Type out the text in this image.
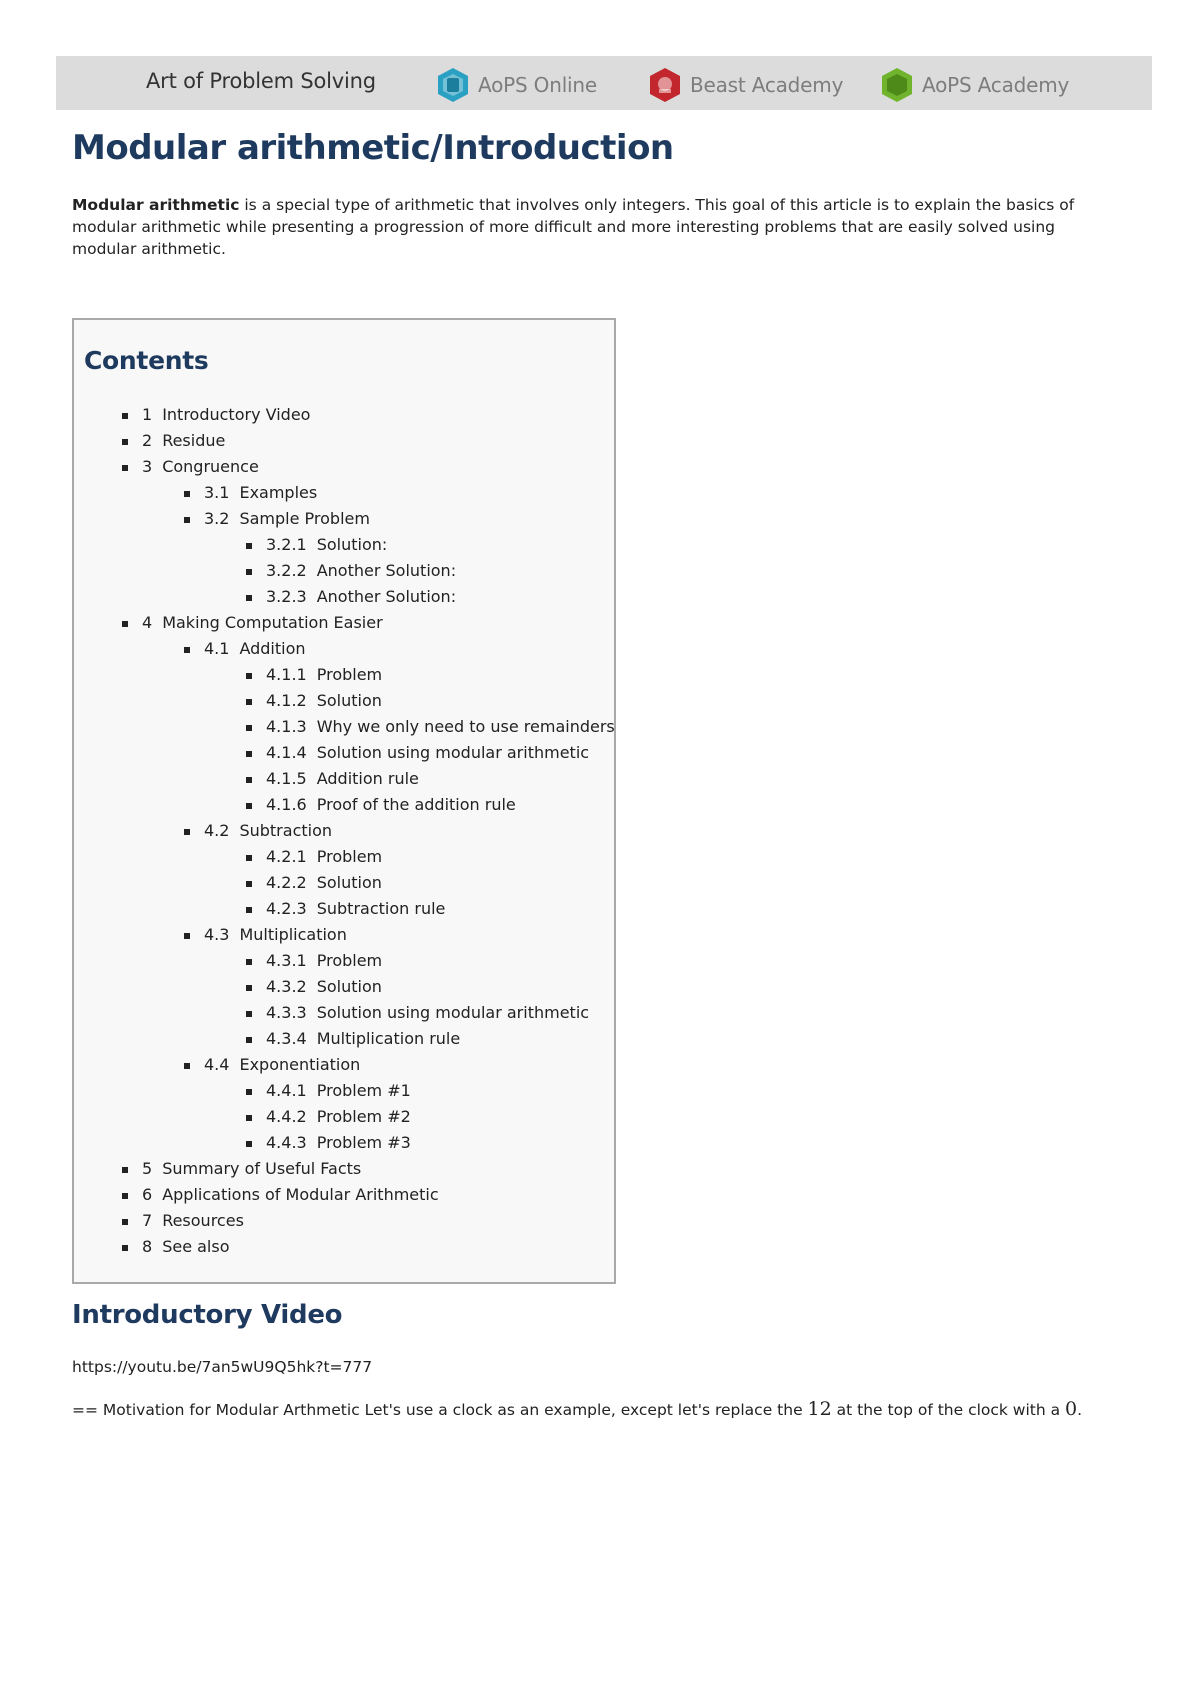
Art of Problem Solving	AoPS Online	Beast Academy	AoPS Academy
Modular arithmetic/Introduction

Modular arithmetic is a special type of arithmetic that involves only integers. This goal of this article is to explain the basics of modular arithmetic while presenting a progression of more difficult and more interesting problems that are easily solved using modular arithmetic.

Contents
1 Introductory Video
2 Residue
3 Congruence
3.1 Examples
3.2 Sample Problem
3.2.1 Solution:
3.2.2 Another Solution:
3.2.3 Another Solution:
4 Making Computation Easier
4.1 Addition
4.1.1 Problem
4.1.2 Solution
4.1.3 Why we only need to use remainders
4.1.4 Solution using modular arithmetic
4.1.5 Addition rule
4.1.6 Proof of the addition rule
4.2 Subtraction
4.2.1 Problem
4.2.2 Solution
4.2.3 Subtraction rule
4.3 Multiplication
4.3.1 Problem
4.3.2 Solution
4.3.3 Solution using modular arithmetic
4.3.4 Multiplication rule
4.4 Exponentiation
4.4.1 Problem #1
4.4.2 Problem #2
4.4.3 Problem #3
5 Summary of Useful Facts
6 Applications of Modular Arithmetic
7 Resources
8 See also
Introductory Video

https://youtu.be/7an5wU9Q5hk?t=777

== Motivation for Modular Arthmetic Let's use a clock as an example, except let's replace the 12 at the top of the clock with a 0.
